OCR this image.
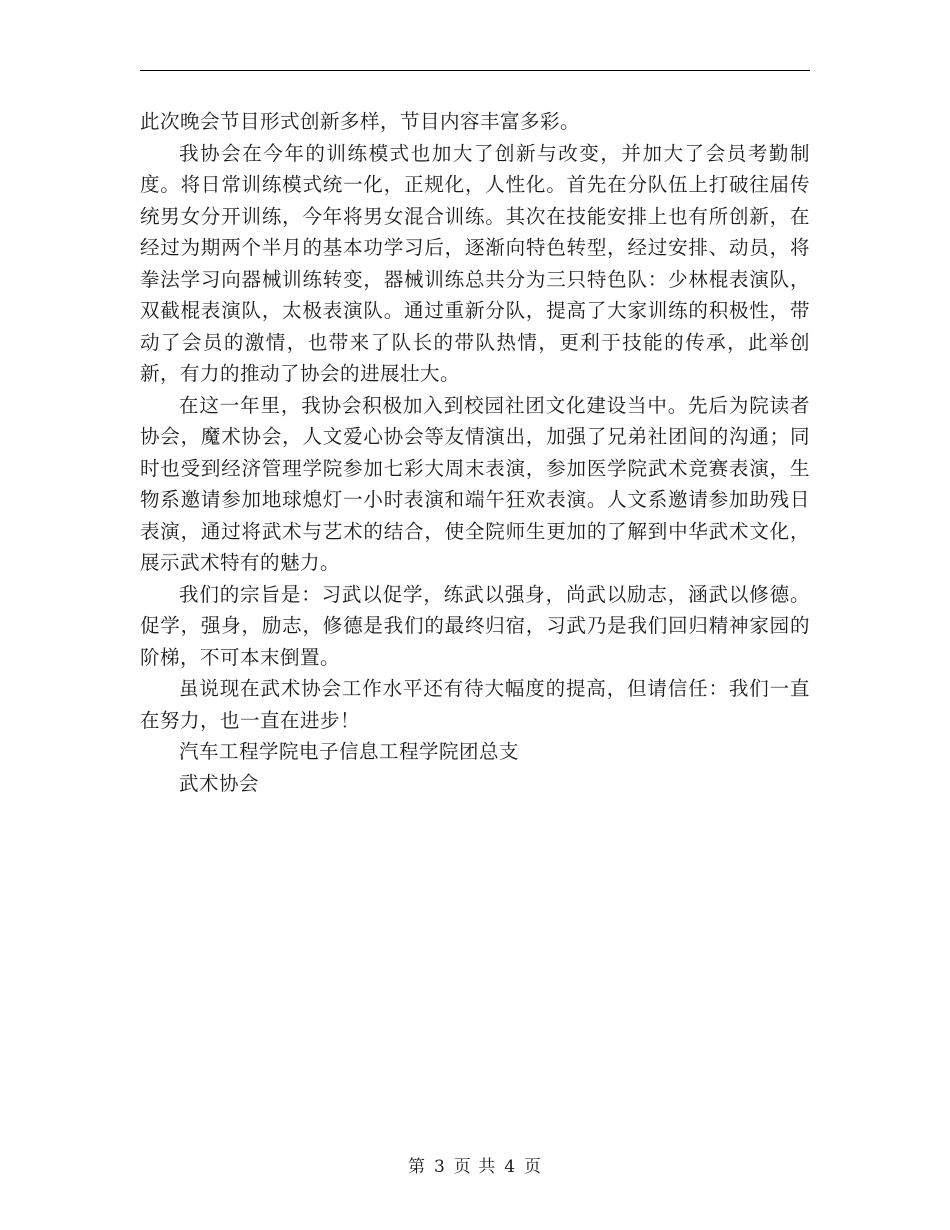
此次晚会节目形式创新多样，节目内容丰富多彩。

我协会在今年的训练模式也加大了创新与改变，并加大了会员考勤制度。将日常训练模式统一化，正规化，人性化。首先在分队伍上打破往届传统男女分开训练，今年将男女混合训练。其次在技能安排上也有所创新，在经过为期两个半月的基本功学习后，逐渐向特色转型，经过安排、动员，将拳法学习向器械训练转变，器械训练总共分为三只特色队：少林棍表演队，双截棍表演队，太极表演队。通过重新分队，提高了大家训练的积极性，带动了会员的激情，也带来了队长的带队热情，更利于技能的传承，此举创新，有力的推动了协会的进展壮大。

在这一年里，我协会积极加入到校园社团文化建设当中。先后为院读者协会，魔术协会，人文爱心协会等友情演出，加强了兄弟社团间的沟通；同时也受到经济管理学院参加七彩大周末表演，参加医学院武术竞赛表演，生物系邀请参加地球熄灯一小时表演和端午狂欢表演。人文系邀请参加助残日表演，通过将武术与艺术的结合，使全院师生更加的了解到中华武术文化，展示武术特有的魅力。

我们的宗旨是：习武以促学，练武以强身，尚武以励志，涵武以修德。促学，强身，励志，修德是我们的最终归宿，习武乃是我们回归精神家园的阶梯，不可本末倒置。

虽说现在武术协会工作水平还有待大幅度的提高，但请信任：我们一直在努力，也一直在进步！

汽车工程学院电子信息工程学院团总支

武术协会

第 3 页 共 4 页
